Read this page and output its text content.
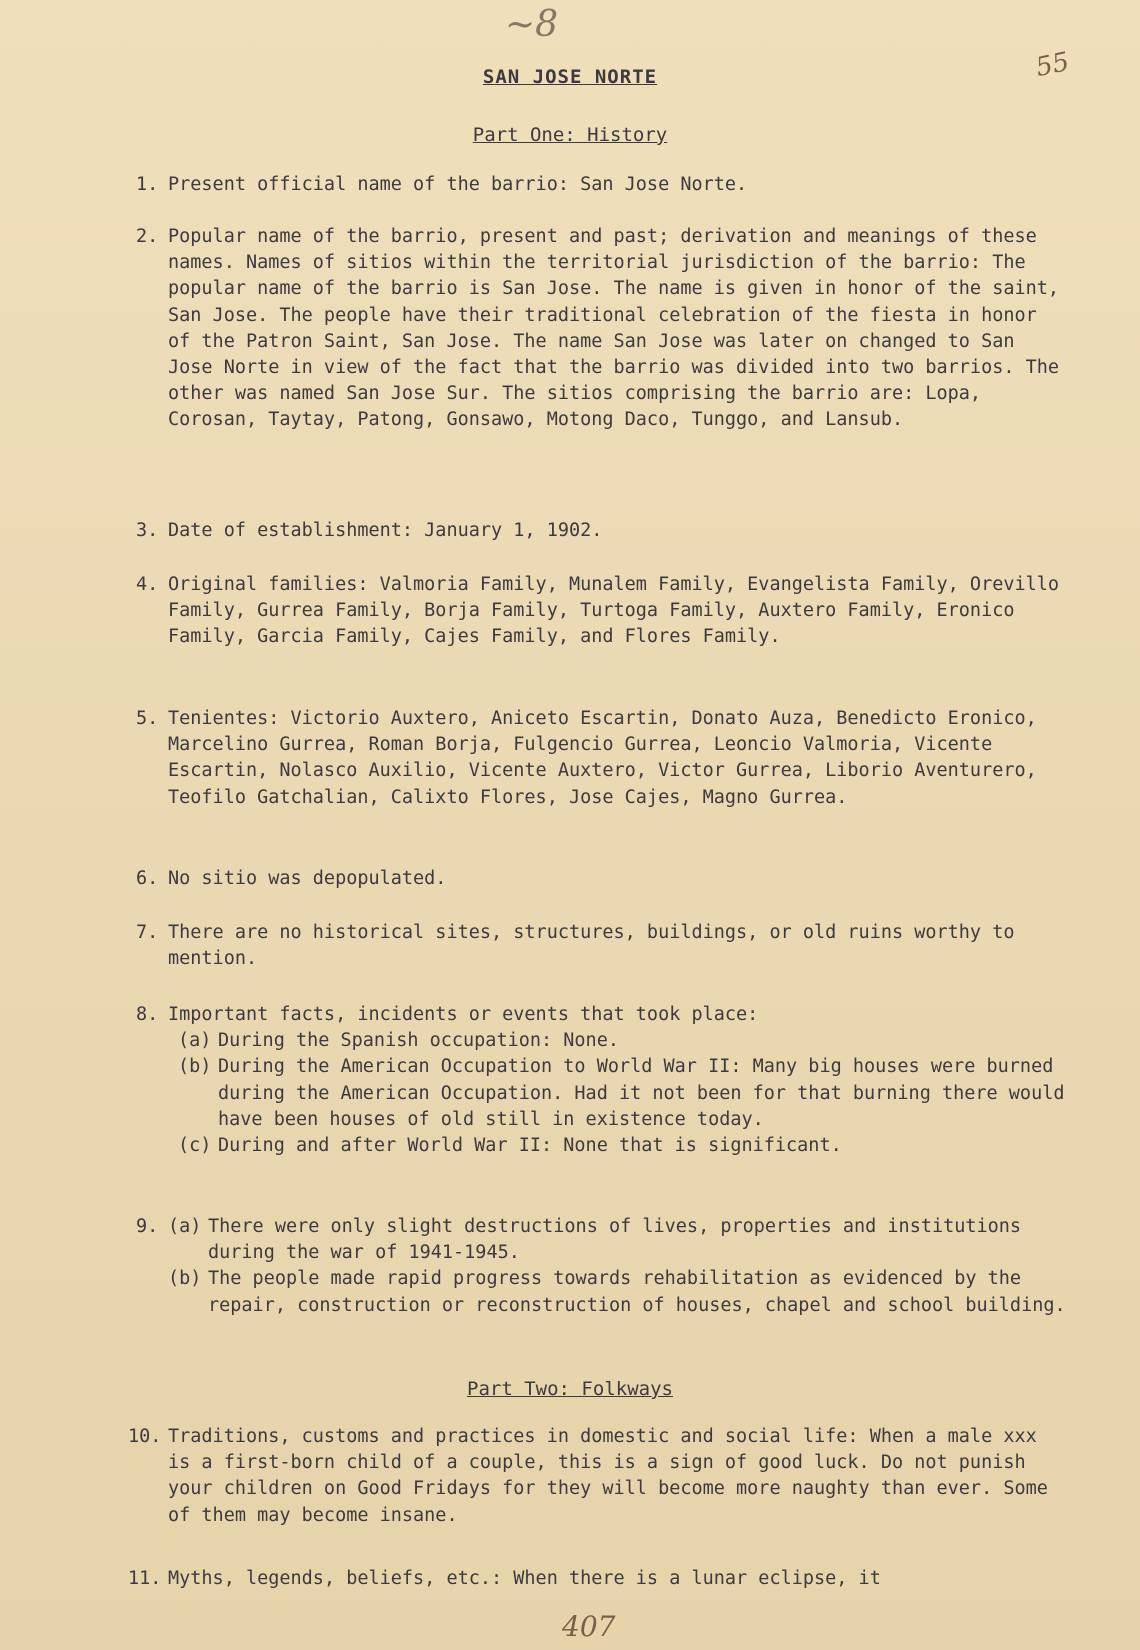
~8
55
SAN JOSE NORTE
Part One: History
1. Present official name of the barrio: San Jose Norte.

2. Popular name of the barrio, present and past; derivation and meanings of these names. Names of sitios within the territorial jurisdiction of the barrio: The popular name of the barrio is San Jose. The name is given in honor of the saint, San Jose. The people have their traditional celebration of the fiesta in honor of the Patron Saint, San Jose. The name San Jose was later on changed to San Jose Norte in view of the fact that the barrio was divided into two barrios. The other was named San Jose Sur. The sitios comprising the barrio are: Lopa, Corosan, Taytay, Patong, Gonsawo, Motong Daco, Tunggo, and Lansub.

3. Date of establishment: January 1, 1902.

4. Original families: Valmoria Family, Munalem Family, Evangelista Family, Orevillo Family, Gurrea Family, Borja Family, Turtoga Family, Auxtero Family, Eronico Family, Garcia Family, Cajes Family, and Flores Family.

5. Tenientes: Victorio Auxtero, Aniceto Escartin, Donato Auza, Benedicto Eronico, Marcelino Gurrea, Roman Borja, Fulgencio Gurrea, Leoncio Valmoria, Vicente Escartin, Nolasco Auxilio, Vicente Auxtero, Victor Gurrea, Liborio Aventurero, Teofilo Gatchalian, Calixto Flores, Jose Cajes, Magno Gurrea.

6. No sitio was depopulated.

7. There are no historical sites, structures, buildings, or old ruins worthy to mention.

8. Important facts, incidents or events that took place:

(a) During the Spanish occupation: None.

(b) During the American Occupation to World War II: Many big houses were burned during the American Occupation. Had it not been for that burning there would have been houses of old still in existence today.

(c) During and after World War II: None that is significant.

9. (a) There were only slight destructions of lives, properties and institutions during the war of 1941-1945.

(b) The people made rapid progress towards rehabilitation as evidenced by the repair, construction or reconstruction of houses, chapel and school building.

Part Two: Folkways
10. Traditions, customs and practices in domestic and social life: When a male xxx is a first-born child of a couple, this is a sign of good luck. Do not punish your children on Good Fridays for they will become more naughty than ever. Some of them may become insane.

11. Myths, legends, beliefs, etc.: When there is a lunar eclipse, it

407
